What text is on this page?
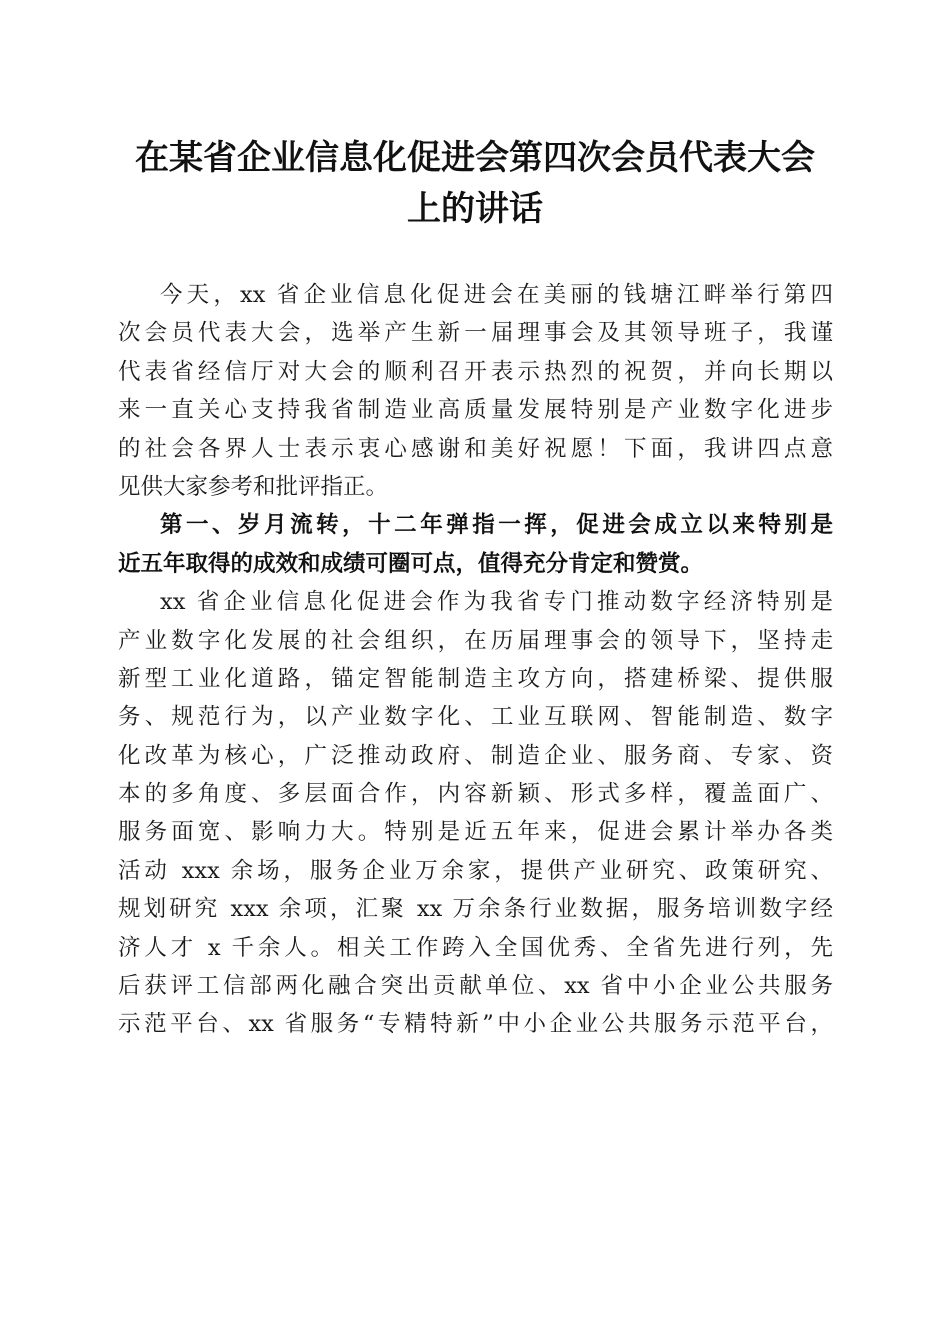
在某省企业信息化促进会第四次会员代表大会
上的讲话
今天，xx 省企业信息化促进会在美丽的钱塘江畔举行第四
次会员代表大会，选举产生新一届理事会及其领导班子，我谨
代表省经信厅对大会的顺利召开表示热烈的祝贺，并向长期以
来一直关心支持我省制造业高质量发展特别是产业数字化进步
的社会各界人士表示衷心感谢和美好祝愿！下面，我讲四点意
见供大家参考和批评指正。
第一、岁月流转，十二年弹指一挥，促进会成立以来特别是
近五年取得的成效和成绩可圈可点，值得充分肯定和赞赏。
xx 省企业信息化促进会作为我省专门推动数字经济特别是
产业数字化发展的社会组织，在历届理事会的领导下，坚持走
新型工业化道路，锚定智能制造主攻方向，搭建桥梁、提供服
务、规范行为，以产业数字化、工业互联网、智能制造、数字
化改革为核心，广泛推动政府、制造企业、服务商、专家、资
本的多角度、多层面合作，内容新颖、形式多样，覆盖面广、
服务面宽、影响力大。特别是近五年来，促进会累计举办各类
活动 xxx 余场，服务企业万余家，提供产业研究、政策研究、
规划研究 xxx 余项，汇聚 xx 万余条行业数据，服务培训数字经
济人才 x 千余人。相关工作跨入全国优秀、全省先进行列，先
后获评工信部两化融合突出贡献单位、xx 省中小企业公共服务
示范平台、xx 省服务“专精特新”中小企业公共服务示范平台，
